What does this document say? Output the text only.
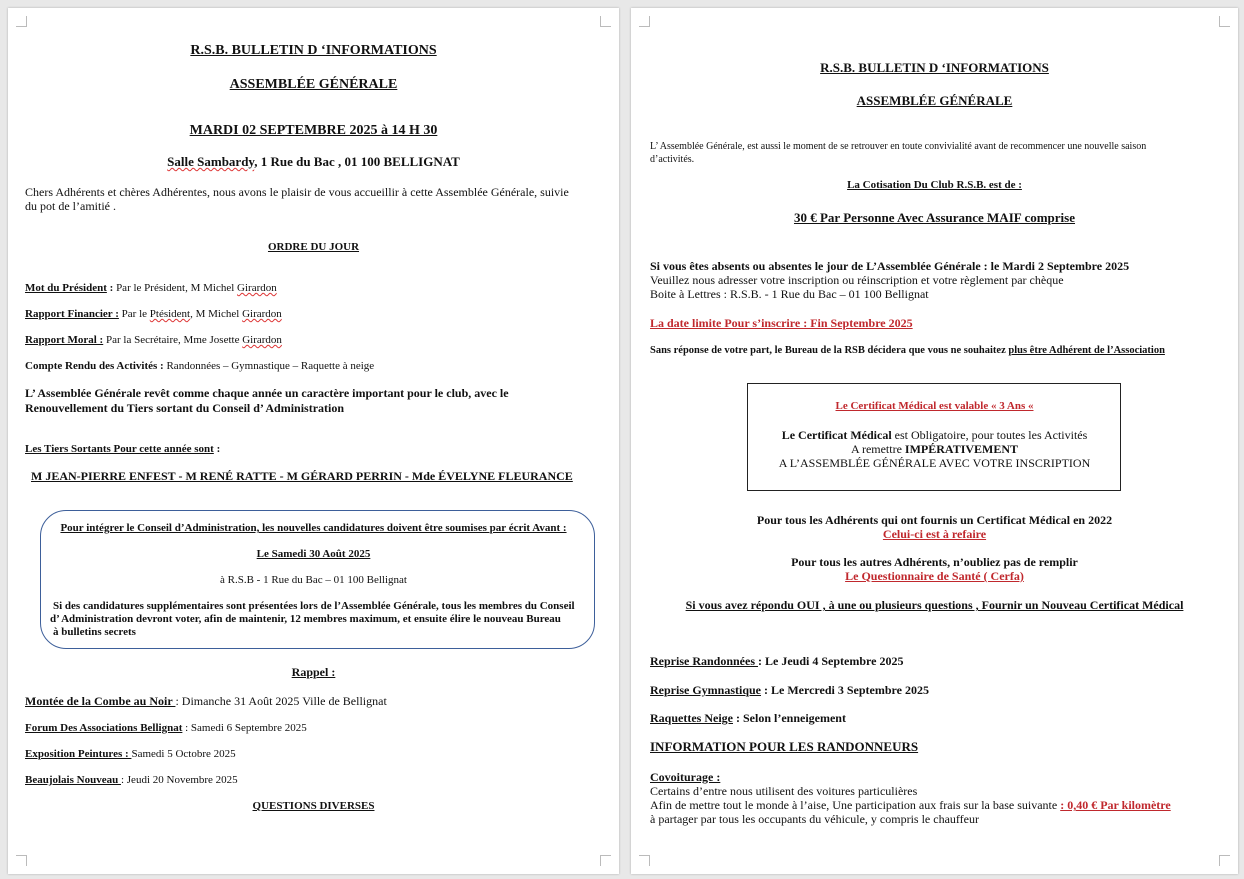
R.S.B. BULLETIN D ‘INFORMATIONS
ASSEMBLÉE GÉNÉRALE
MARDI 02 SEPTEMBRE 2025 à 14 H 30
Salle Sambardy, 1 Rue du Bac , 01 100 BELLIGNAT
Chers Adhérents et chères Adhérentes, nous avons le plaisir de vous accueillir à cette Assemblée Générale, suivie
du pot de l’amitié .
ORDRE DU JOUR
Mot du Président : Par le Président, M Michel Girardon
Rapport Financier : Par le Ptésident, M Michel Girardon
Rapport Moral : Par la Secrétaire, Mme Josette Girardon
Compte Rendu des Activités : Randonnées – Gymnastique – Raquette à neige
L’ Assemblée Générale revêt comme chaque année un caractère important pour le club, avec le
Renouvellement du Tiers sortant du Conseil d’ Administration
Les Tiers Sortants Pour cette année sont :
M JEAN-PIERRE ENFEST - M RENÉ RATTE - M GÉRARD PERRIN - Mde ÉVELYNE FLEURANCE
Pour intégrer le Conseil d’Administration, les nouvelles candidatures doivent être soumises par écrit Avant :
Le Samedi 30 Août 2025
à R.S.B - 1 Rue du Bac – 01 100 Bellignat
Si des candidatures supplémentaires sont présentées lors de l’Assemblée Générale, tous les membres du Conseil
d’ Administration devront voter, afin de maintenir, 12 membres maximum, et ensuite élire le nouveau Bureau
à bulletins secrets
Rappel :
Montée de la Combe au Noir : Dimanche 31 Août 2025 Ville de Bellignat
Forum Des Associations Bellignat : Samedi 6 Septembre 2025
Exposition Peintures : Samedi 5 Octobre 2025
Beaujolais Nouveau : Jeudi 20 Novembre 2025
QUESTIONS DIVERSES
R.S.B. BULLETIN D ‘INFORMATIONS
ASSEMBLÉE GÉNÉRALE
L’ Assemblée Générale, est aussi le moment de se retrouver en toute convivialité avant de recommencer une nouvelle saison
d’activités.
La Cotisation Du Club R.S.B. est de :
30 € Par Personne Avec Assurance MAIF comprise
Si vous êtes absents ou absentes le jour de L’Assemblée Générale : le Mardi 2 Septembre 2025
Veuillez nous adresser votre inscription ou réinscription et votre règlement par chèque
Boite à Lettres : R.S.B. - 1 Rue du Bac – 01 100 Bellignat
La date limite Pour s’inscrire : Fin Septembre 2025
Sans réponse de votre part, le Bureau de la RSB décidera que vous ne souhaitez plus être Adhérent de l’Association
Le Certificat Médical est valable « 3 Ans «
Le Certificat Médical est Obligatoire, pour toutes les Activités
A remettre IMPÉRATIVEMENT
A L’ASSEMBLÉE GÉNÉRALE AVEC VOTRE INSCRIPTION
Pour tous les Adhérents qui ont fournis un Certificat Médical en 2022
Celui-ci est à refaire
Pour tous les autres Adhérents, n’oubliez pas de remplir
Le Questionnaire de Santé ( Cerfa)
Si vous avez répondu OUI , à une ou plusieurs questions , Fournir un Nouveau Certificat Médical
Reprise Randonnées : Le Jeudi 4 Septembre 2025
Reprise Gymnastique : Le Mercredi 3 Septembre 2025
Raquettes Neige : Selon l’enneigement
INFORMATION POUR LES RANDONNEURS
Covoiturage :
Certains d’entre nous utilisent des voitures particulières
Afin de mettre tout le monde à l’aise, Une participation aux frais sur la base suivante : 0,40 € Par kilomètre
à partager par tous les occupants du véhicule, y compris le chauffeur
